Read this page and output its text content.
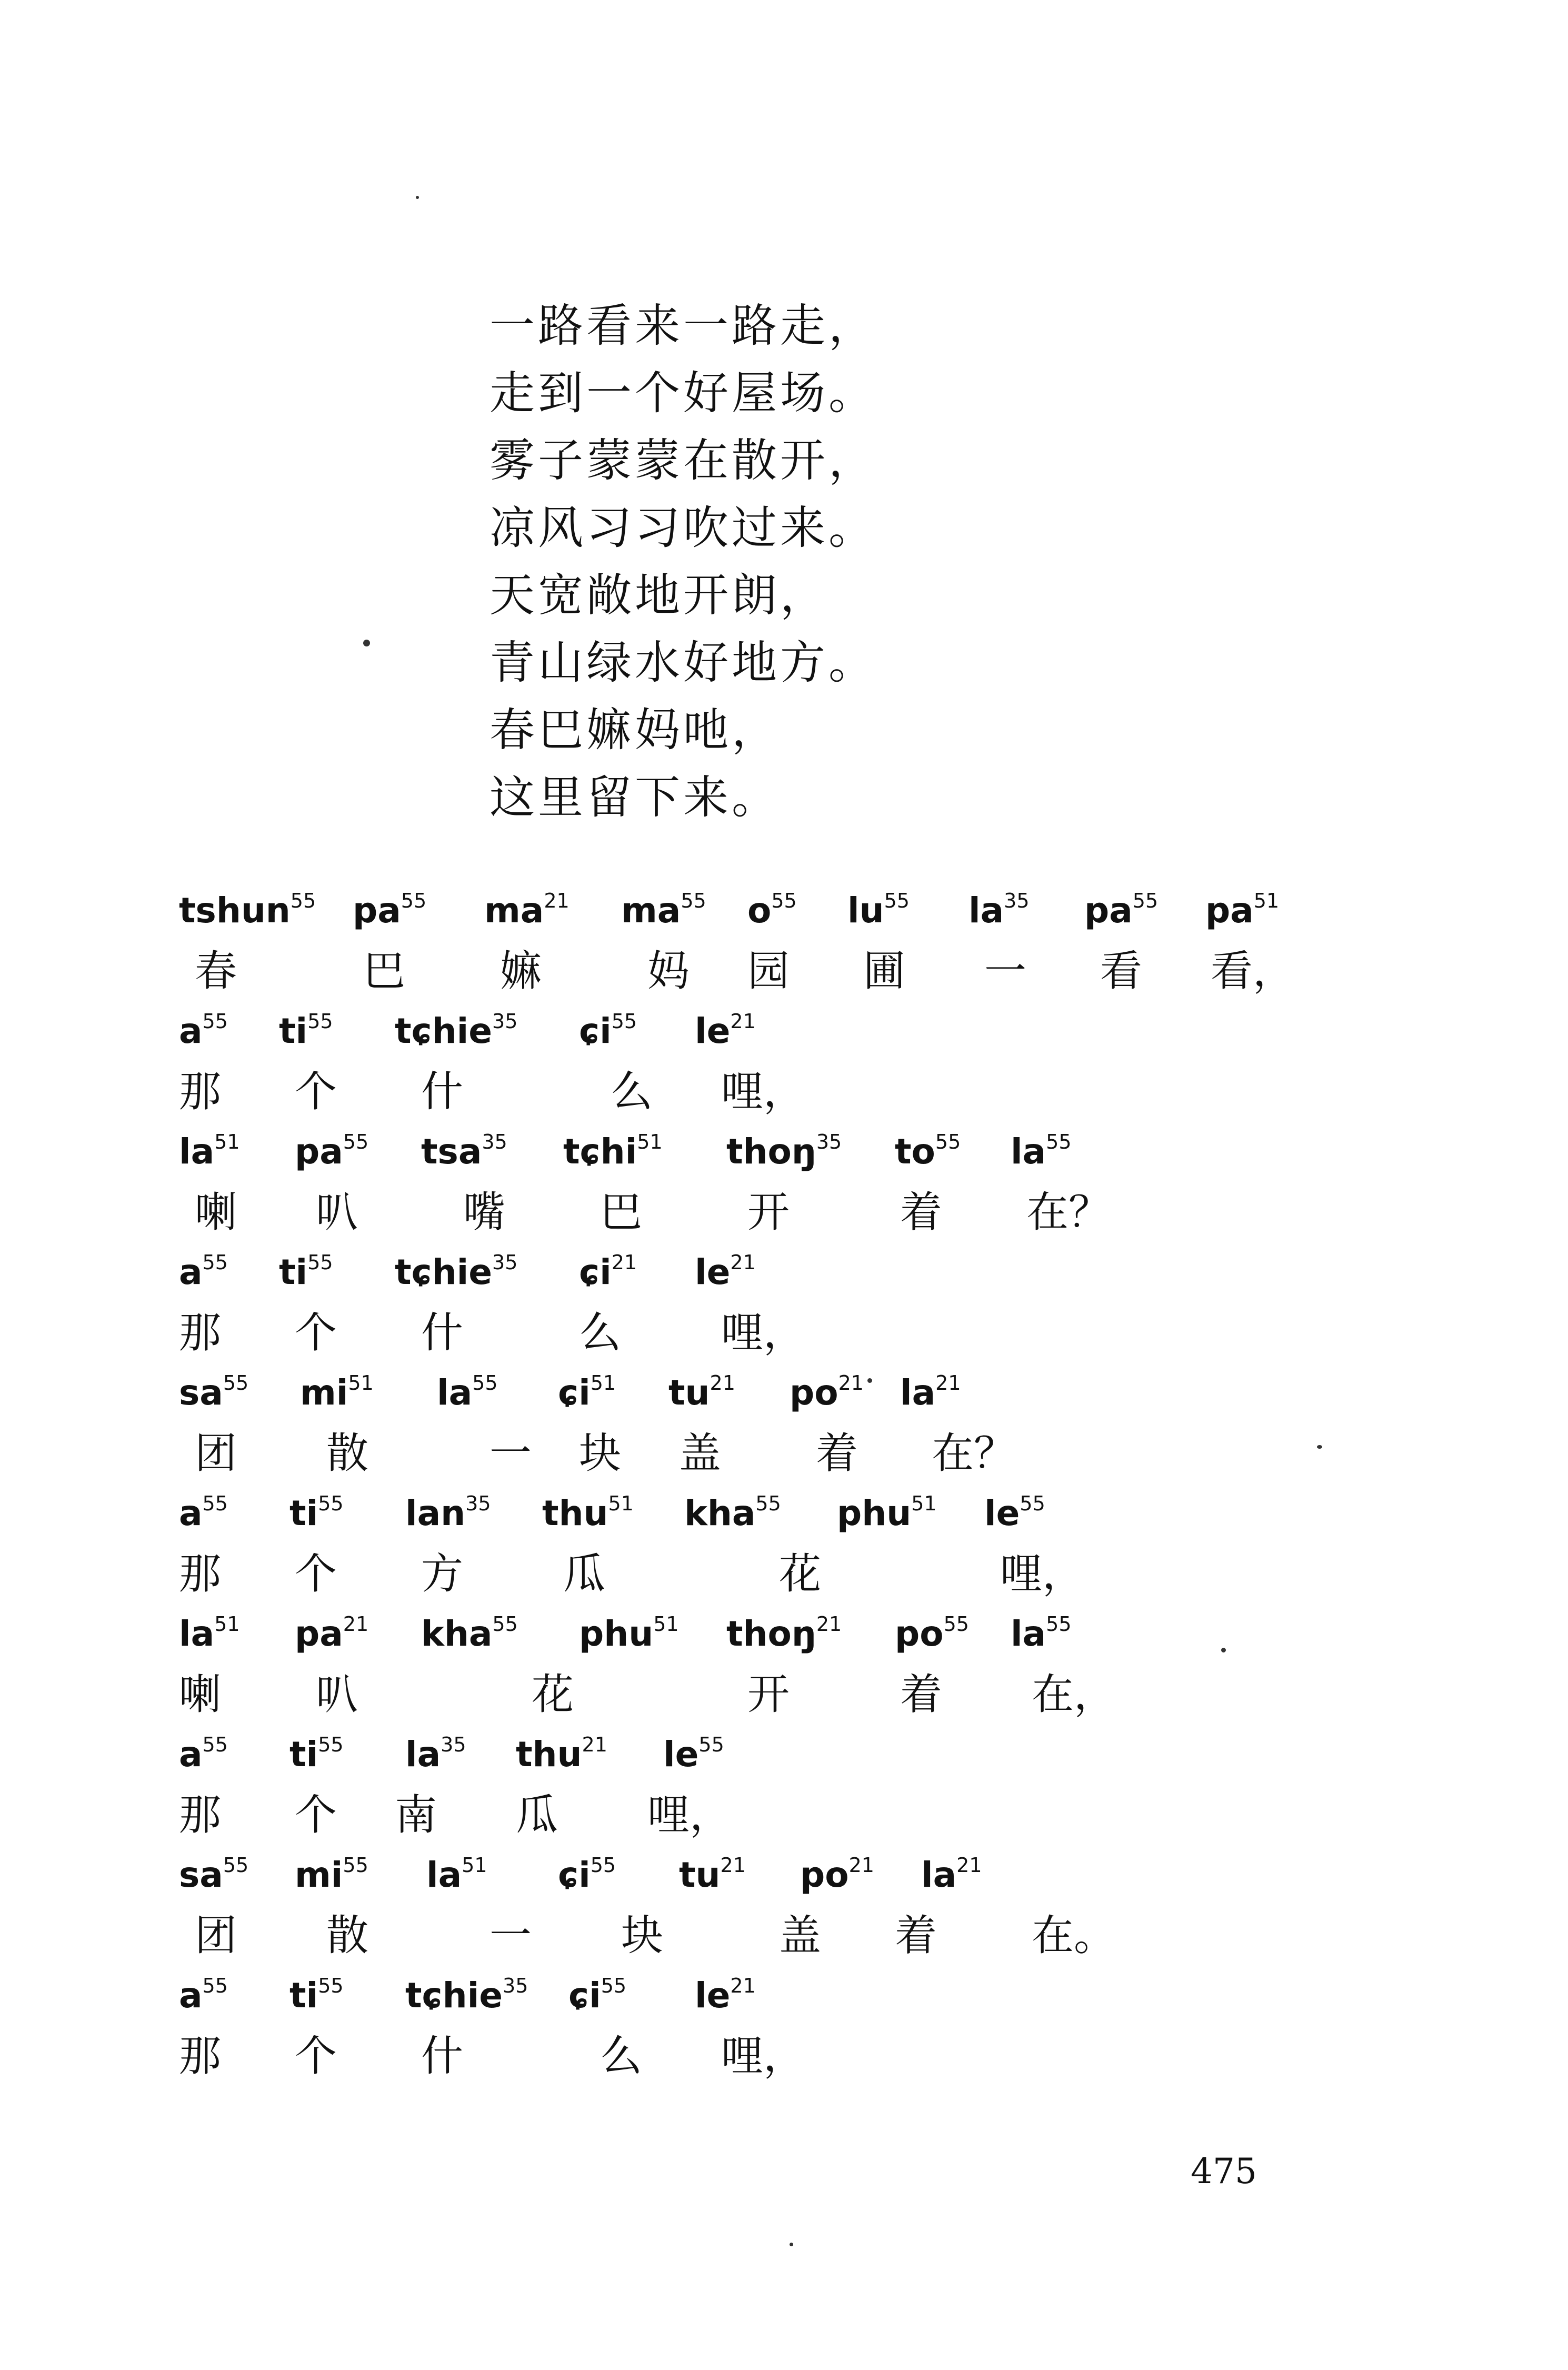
一路看来一路走，
走到一个好屋场。
雾子蒙蒙在散开，
凉风习习吹过来。
天宽敞地开朗，
青山绿水好地方。
春巴嫲妈吔，
这里留下来。
tshun$^{55}$ $pa^{55}$ $ma^{21}$ $ma^{55}$ $o^{55}$ $lu^{55}$ $la^{35}$ $pa^{55}$ $pa^{51}$
春	巴 嫲	妈 园 圃 一 看 看，
$a^{55}$ $ti^{55}$ tɕhie$^{35}$ ɕi$^{55}$ $le^{21}$
那 个 什	么 哩，
$la^{51}$ $pa^{55}$ tsa$^{35}$ tɕhi$^{51}$ thoŋ$^{35}$ $to^{55}$ $la^{55}$
喇 叭	嘴 巴	开	着 在？
$a^{55}$ $ti^{55}$ tɕhie$^{35}$ ɕi$^{21}$ $le^{21}$
那 个 什	么 哩，
$sa^{55}$ $mi^{51}$ $la^{55}$ ɕi$^{51}$ $tu^{21}$ $po^{21}$ $la^{21}$
团 散	一 块 盖 着 在？
$a^{55}$ $ti^{55}$ lan$^{35}$ thu$^{51}$ kha$^{55}$ phu$^{51}$ $le^{55}$
那 个 方 瓜	花	哩，
$la^{51}$ $pa^{21}$ kha$^{55}$ phu$^{51}$ thoŋ$^{21}$ $po^{55}$ $la^{55}$
喇 叭	花	开	着 在，
$a^{55}$ $ti^{55}$ $la^{35}$ thu$^{21}$ $le^{55}$
那 个 南 瓜 哩，
$sa^{55}$ $mi^{55}$ $la^{51}$ ɕi$^{55}$ $tu^{21}$ $po^{21}$ $la^{21}$
团 散	一 块	盖 着 在。
$a^{55}$ $ti^{55}$ tɕhie$^{35}$ ɕi$^{55}$ $le^{21}$
那 个 什	么 哩，
475
